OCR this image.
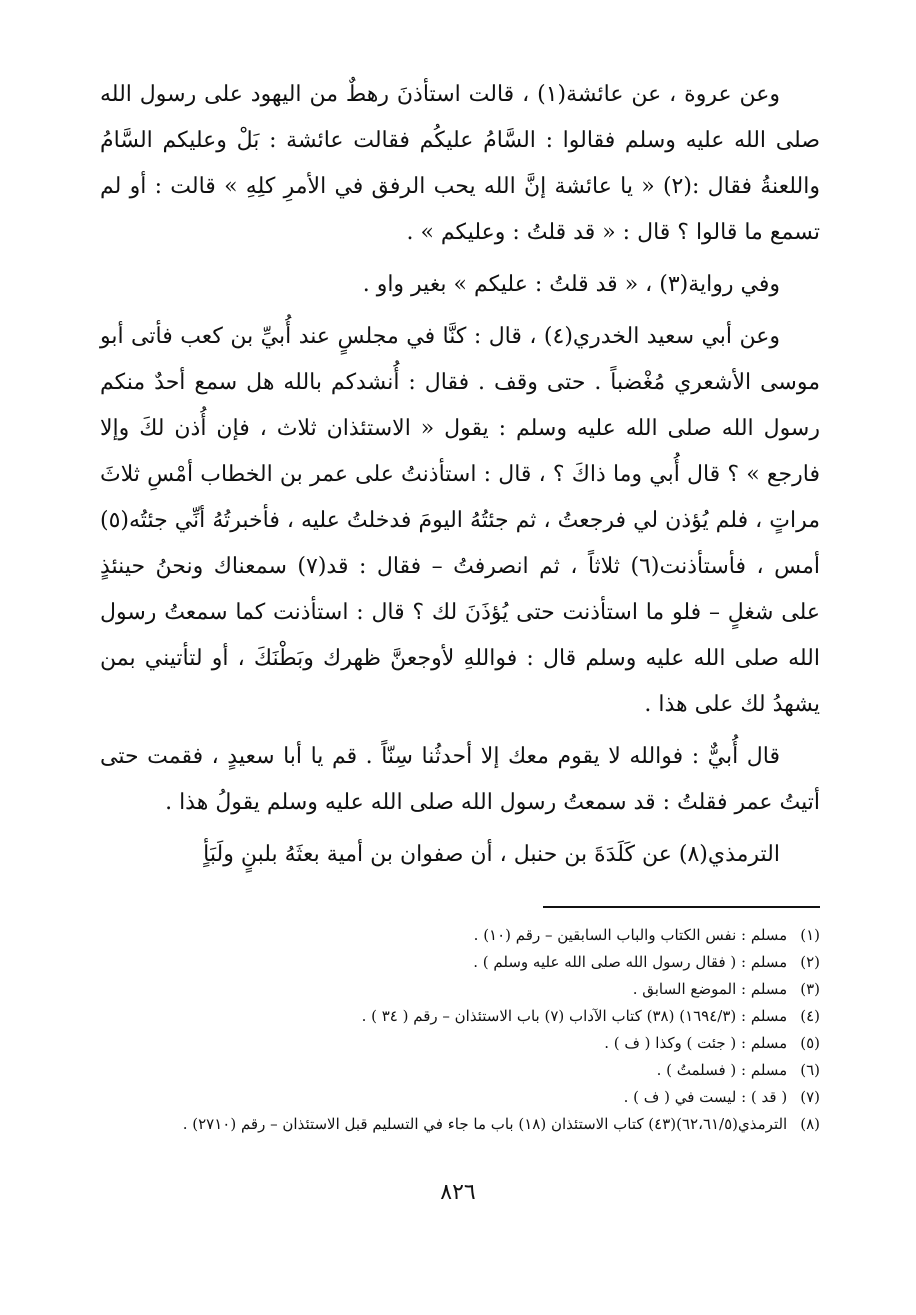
وعن عروة ، عن عائشة(١) ، قالت استأذنَ رهطٌ من اليهود على رسول الله صلى الله عليه وسلم فقالوا : السَّامُ عليكُم فقالت عائشة : بَلْ وعليكم السَّامُ واللعنةُ فقال :(٢) « يا عائشة إنَّ الله يحب الرفق في الأمرِ كلِهِ » قالت : أو لم تسمع ما قالوا ؟ قال : « قد قلتُ : وعليكم » .

وفي رواية(٣) ، « قد قلتُ : عليكم » بغير واو .

وعن أبي سعيد الخدري(٤) ، قال : كنَّا في مجلسٍ عند أُبيِّ بن كعب فأتى أبو موسى الأشعري مُغْضباً . حتى وقف . فقال : أُنشدكم بالله هل سمع أحدٌ منكم رسول الله صلى الله عليه وسلم : يقول « الاستئذان ثلاث ، فإن أُذن لكَ وإلا فارجع » ؟ قال أُبي وما ذاكَ ؟ ، قال : استأذنتُ على عمر بن الخطاب أمْسِ ثلاثَ مراتٍ ، فلم يُؤذن لي فرجعتُ ، ثم جئتُهُ اليومَ فدخلتُ عليه ، فأخبرتُهُ أنِّي جئتُه(٥) أمس ، فأستأذنت(٦) ثلاثاً ، ثم انصرفتُ – فقال : قد(٧) سمعناك ونحنُ حينئذٍ على شغلٍ – فلو ما استأذنت حتى يُؤذَنَ لك ؟ قال : استأذنت كما سمعتُ رسول الله صلى الله عليه وسلم قال : فواللهِ لأوجعنَّ ظهرك وبَطْنَكَ ، أو لتأتيني بمن يشهدُ لك على هذا .

قال أُبيٌّ : فوالله لا يقوم معك إلا أحدثُنا سِنّاً . قم يا أبا سعيدٍ ، فقمت حتى أتيتُ عمر فقلتُ : قد سمعتُ رسول الله صلى الله عليه وسلم يقولُ هذا .

الترمذي(٨) عن كَلَدَةَ بن حنبل ، أن صفوان بن أمية بعثَهُ بلبنٍ ولَبَأٍ

(١) مسلم : نفس الكتاب والباب السابقين – رقم (١٠) .
(٢) مسلم : ( فقال رسول الله صلى الله عليه وسلم ) .
(٣) مسلم : الموضع السابق .
(٤) مسلم : (١٦٩٤/٣) (٣٨) كتاب الآداب (٧) باب الاستئذان – رقم ( ٣٤ ) .
(٥) مسلم : ( جئت ) وكذا ( ف ) .
(٦) مسلم : ( فسلمتُ ) .
(٧) ( قد ) : ليست في ( ف ) .
(٨) الترمذي(٦٢،٦١/٥)(٤٣) كتاب الاستئذان (١٨) باب ما جاء في التسليم قبل الاستئذان – رقم (٢٧١٠) .
٨٢٦
